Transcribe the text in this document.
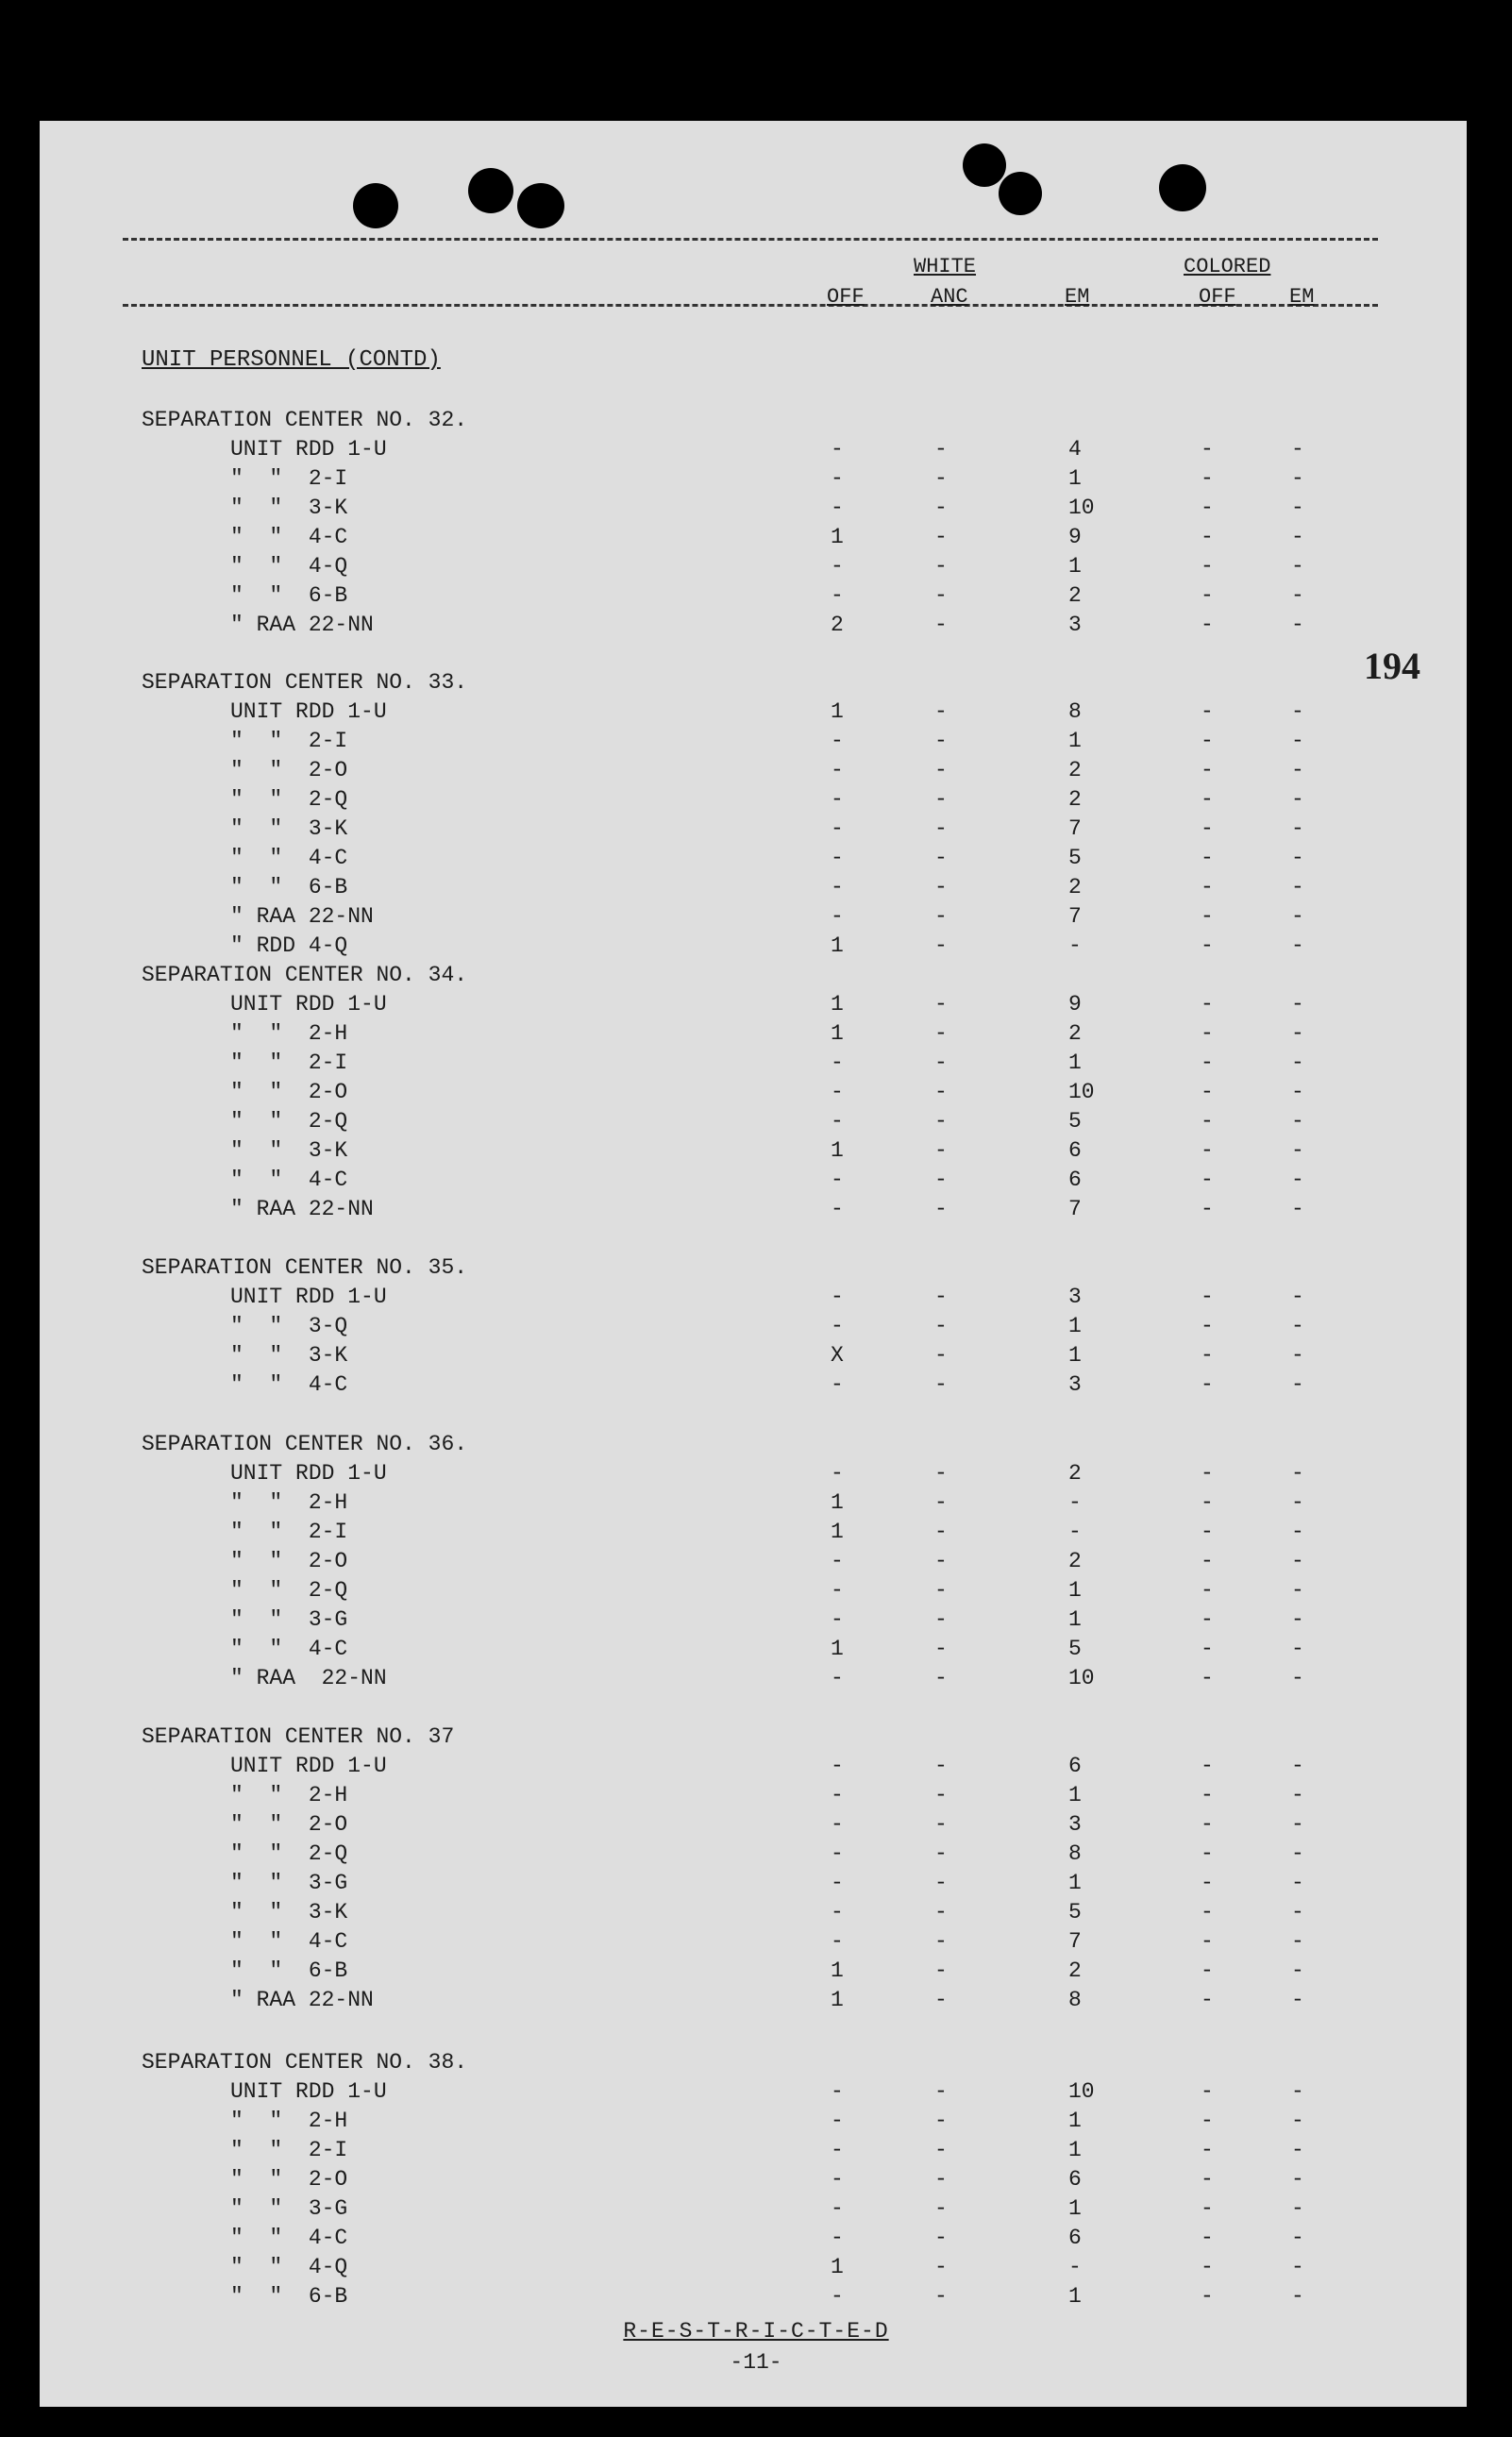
WHITE	COLORED
OFF	ANC	EM	OFF	EM
UNIT PERSONNEL (CONTD)
194
SEPARATION CENTER NO. 32.
UNIT RDD 1-U	-	-	4	-	-
"  "  2-I	-	-	1	-	-
"  "  3-K	-	-	10	-	-
"  "  4-C	1	-	9	-	-
"  "  4-Q	-	-	1	-	-
"  "  6-B	-	-	2	-	-
" RAA 22-NN	2	-	3	-	-
SEPARATION CENTER NO. 33.
UNIT RDD 1-U	1	-	8	-	-
"  "  2-I	-	-	1	-	-
"  "  2-O	-	-	2	-	-
"  "  2-Q	-	-	2	-	-
"  "  3-K	-	-	7	-	-
"  "  4-C	-	-	5	-	-
"  "  6-B	-	-	2	-	-
" RAA 22-NN	-	-	7	-	-
" RDD 4-Q	1	-	-	-	-
SEPARATION CENTER NO. 34.
UNIT RDD 1-U	1	-	9	-	-
"  "  2-H	1	-	2	-	-
"  "  2-I	-	-	1	-	-
"  "  2-O	-	-	10	-	-
"  "  2-Q	-	-	5	-	-
"  "  3-K	1	-	6	-	-
"  "  4-C	-	-	6	-	-
" RAA 22-NN	-	-	7	-	-
SEPARATION CENTER NO. 35.
UNIT RDD 1-U	-	-	3	-	-
"  "  3-Q	-	-	1	-	-
"  "  3-K	X	-	1	-	-
"  "  4-C	-	-	3	-	-
SEPARATION CENTER NO. 36.
UNIT RDD 1-U	-	-	2	-	-
"  "  2-H	1	-	-	-	-
"  "  2-I	1	-	-	-	-
"  "  2-O	-	-	2	-	-
"  "  2-Q	-	-	1	-	-
"  "  3-G	-	-	1	-	-
"  "  4-C	1	-	5	-	-
" RAA  22-NN	-	-	10	-	-
SEPARATION CENTER NO. 37
UNIT RDD 1-U	-	-	6	-	-
"  "  2-H	-	-	1	-	-
"  "  2-O	-	-	3	-	-
"  "  2-Q	-	-	8	-	-
"  "  3-G	-	-	1	-	-
"  "  3-K	-	-	5	-	-
"  "  4-C	-	-	7	-	-
"  "  6-B	1	-	2	-	-
" RAA 22-NN	1	-	8	-	-
SEPARATION CENTER NO. 38.
UNIT RDD 1-U	-	-	10	-	-
"  "  2-H	-	-	1	-	-
"  "  2-I	-	-	1	-	-
"  "  2-O	-	-	6	-	-
"  "  3-G	-	-	1	-	-
"  "  4-C	-	-	6	-	-
"  "  4-Q	1	-	-	-	-
"  "  6-B	-	-	1	-	-
R-E-S-T-R-I-C-T-E-D
-11-
